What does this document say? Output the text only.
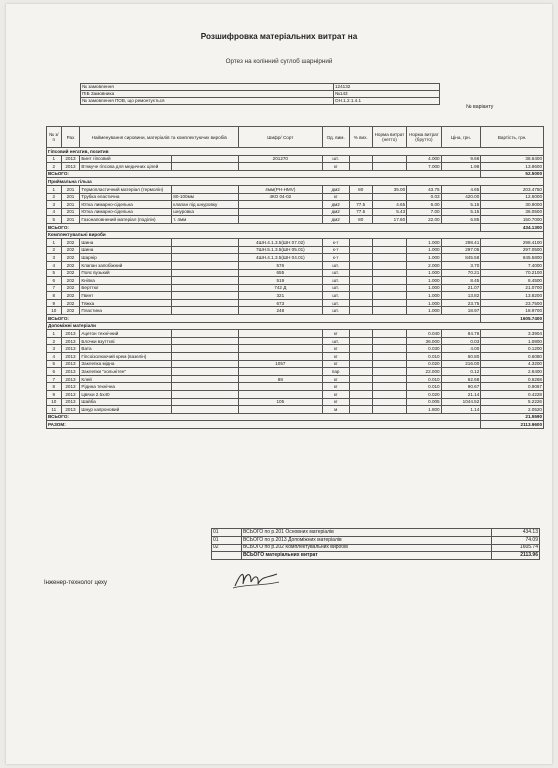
Розшифровка матеріальних витрат на
Ортез на колінний суглоб шарнірний
№ замовлення	124132
ПІБ Замовника	№143
№ замовлення ПОВ, що ремонтується	ОН.1.2.1.4.1
№ варіанту
№ з/п	Рах	Найменування сировини, матеріалів та комплектуючих виробів		Шифр/ Сорт	Од. вим.	% вих.	Норма витрат (нетто)	Норма витрат (брутто)	Ціна, грн.	Вартість, грн.
Гіпсовий негатив, позитив										
1	2013	Бинт гіпсовий		201270	шт.			4.000	9.66	38.6400
2	2013	В'яжуче гіпсова для медичних цілей			кг			7.000	1.98	13.8600
ВСЬОГО:										52.5000
Приймальна гільза										
1	201	Термопластичний матеріал (термолін)		4мм(РН-НМV)	дм2	80	35.00	43.75	4.65	203.4750
2	201	Трубка еластична	80-100мм	4КО 04-02	кг			0.03	420.00	12.6000
3	201	Ютка лимарно-сідельна	клапан під шнуровку		дм2	77.5	4.65	6.00	5.15	30.9000
4	201	Ютка лимарно-сідельна	шнуровка		дм2	77.5	5.43	7.00	5.15	36.0500
5	201	Газонаповнений матеріал (поділін)	т. 4мм		дм2	80	17.60	22.00	6.85	150.7000
ВСЬОГО:										434.1300
Комплектувальні вироби										
1	202	Шина		4ШН.4.1.3.5(ШН 07.02)	к-т			1.000	298.41	298.4100
2	202	Шина		7ШН.5.1.3.5(ШН 05.01)	к-т			1.000	297.05	297.0500
3	202	Шарнір		4ШН.4.1.3.5(ШН 04.01)	к-т			1.000	845.58	845.5800
4	202	Клапан запобіжний		576	шт.			2.000	3.70	7.4000
5	202	Пояс вузький		655	шт.			1.000	70.21	70.2100
6	202	Кніпка		519	шт.			1.000	8.45	8.4500
7	202	Берттюг		742 Д	шт.			1.000	21.07	21.0700
8	202	Гвинт		321	шт.			1.000	13.82	13.8200
9	202	Тяжка		673	шт.			1.000	23.75	23.7500
10	202	Пластина		248	шт.			1.000	18.97	18.9700
ВСЬОГО:										1605.7400
Допоміжні матеріали										
1	2013	Ацетон технічний			кг			0.040	84.76	3.3904
2	2013	Блочки взуттєві			шт.			36.000	0.03	1.0800
3	2013	Вата			кг			0.030	4.00	0.1200
4	2013	Гіпсоізолюючий крем (вазелін)			кг			0.010	60.80	0.6080
5	2013	Заклепка мідна		1057	кг			0.020	216.00	4.3200
6	2013	Заклепки "хольнітен"			пар			22.000	0.12	2.6400
7	2013	Клей		88	кг			0.010	62.68	0.6268
8	2013	Рідина технічна			кг			0.010	90.67	0.9067
9	2013	Цвяхи 2.5х40			кг			0.020	21.14	0.4228
10	2013	Шайба		105	кг			0.005	1044.52	5.2226
11	2013	Шнур капроновий			м			1.800	1.14	2.0520
ВСЬОГО:										21.5590
РАЗОМ:										2113.9600
01	ВСЬОГО по р.201 Основних матеріалів	434.13
01	ВСЬОГО по р.2013 Допоміжних матеріалів	74.09
02	ВСЬОГО по р.202 Комплектувальних виробів	1605.74
	ВСЬОГО матеріальних витрат	2113.96
Інженер-технолог цеху
